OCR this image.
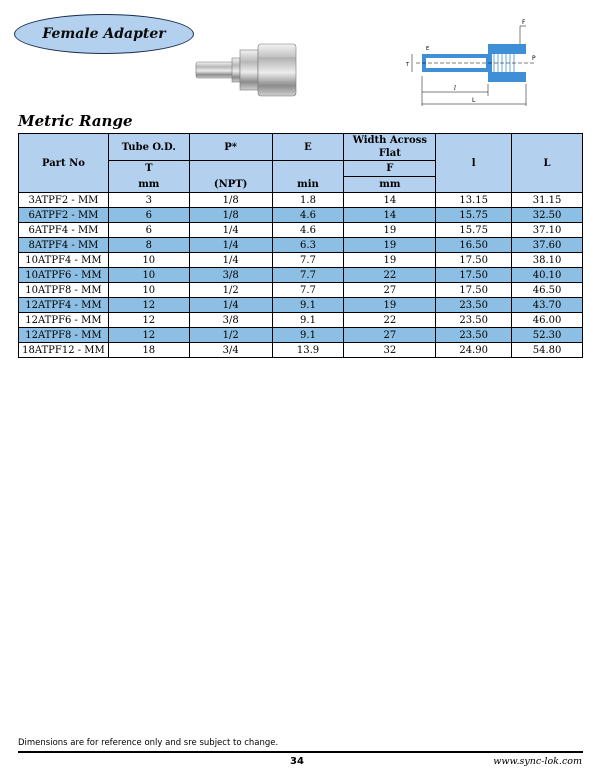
Female Adapter
F
P
l
L
T
E
Metric Range
Part No	Tube O.D.	P*	E	Width Across Flat	l	L
	T			F		
	mm	(NPT)	min	mm		
3ATPF2 - MM	3	1/8	1.8	14	13.15	31.15
6ATPF2 - MM	6	1/8	4.6	14	15.75	32.50
6ATPF4 - MM	6	1/4	4.6	19	15.75	37.10
8ATPF4 - MM	8	1/4	6.3	19	16.50	37.60
10ATPF4 - MM	10	1/4	7.7	19	17.50	38.10
10ATPF6 - MM	10	3/8	7.7	22	17.50	40.10
10ATPF8 - MM	10	1/2	7.7	27	17.50	46.50
12ATPF4 - MM	12	1/4	9.1	19	23.50	43.70
12ATPF6 - MM	12	3/8	9.1	22	23.50	46.00
12ATPF8 - MM	12	1/2	9.1	27	23.50	52.30
18ATPF12 - MM	18	3/4	13.9	32	24.90	54.80
Dimensions are for reference only and sre subject to change.
34	www.sync-lok.com
